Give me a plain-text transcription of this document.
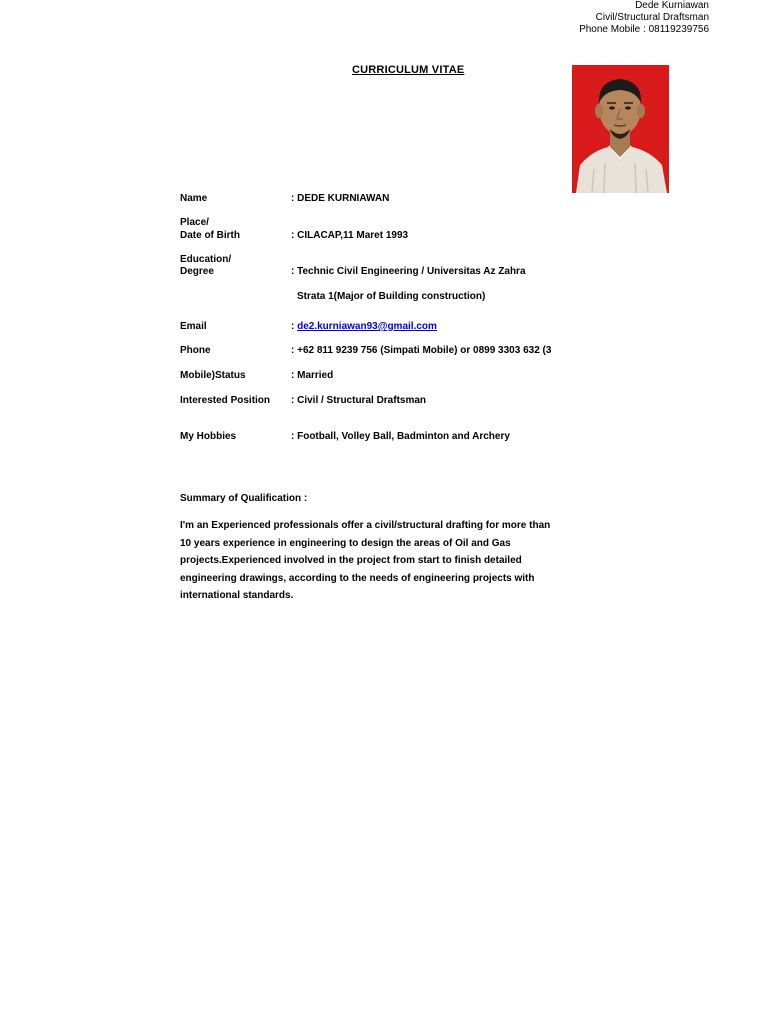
Dede Kurniawan
Civil/Structural Draftsman
Phone Mobile : 08119239756
CURRICULUM VITAE
Name	: DEDE KURNIAWAN
Place/
Date of Birth	: CILACAP,11 Maret 1993
Education/
Degree	: Technic Civil Engineering / Universitas Az Zahra
Strata 1(Major of Building construction)
Email	: de2.kurniawan93@gmail.com
Phone	: +62 811 9239 756 (Simpati Mobile) or 0899 3303 632 (3
Mobile)Status	: Married
Interested Position : Civil / Structural Draftsman
My Hobbies	: Football, Volley Ball, Badminton and Archery
Summary of Qualification :
I'm an Experienced professionals offer a civil/structural drafting for more than
10 years experience in engineering to design the areas of Oil and Gas
projects.Experienced involved in the project from start to finish detailed
engineering drawings, according to the needs of engineering projects with
international standards.
